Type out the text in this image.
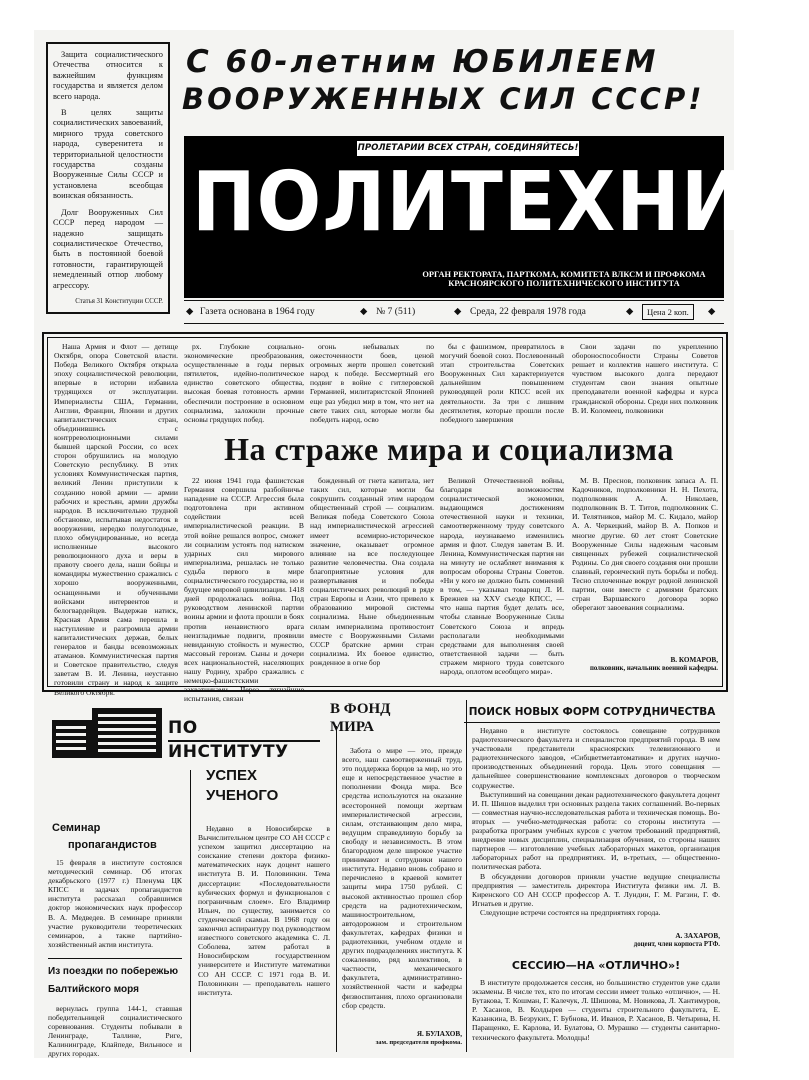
Защита социалистического Отечества относится к важнейшим функциям государства и является делом всего народа.

В целях защиты социалистических завоеваний, мирного труда советского народа, суверенитета и территориальной целостности государства созданы Вооруженные Силы СССР и установлена всеобщая воинская обязанность.

Долг Вооруженных Сил СССР перед народом — надежно защищать социалистическое Отечество, быть в постоянной боевой готовности, гарантирующей немедленный отпор любому агрессору.

Статья 31 Конституции СССР.
С 60-летним ЮБИЛЕЕМ
ВООРУЖЕННЫХ СИЛ СССР!
ПРОЛЕТАРИИ ВСЕХ СТРАН, СОЕДИНЯЙТЕСЬ!
ПОЛИТЕХНИК
ОРГАН РЕКТОРАТА, ПАРТКОМА, КОМИТЕТА ВЛКСМ И ПРОФКОМА КРАСНОЯРСКОГО ПОЛИТЕХНИЧЕСКОГО ИНСТИТУТА
◆ Газета основана в 1964 году	◆ № 7 (511)	◆ Среда, 22 февраля 1978 года	◆	Цена 2 коп.	◆

Наша Армия и Флот — детище Октября, опора Советской власти. Победа Великого Октября открыла эпоху социалистической революции, впервые в истории избавила трудящихся от эксплуатации. Империалисты США, Германии, Англии, Франции, Японии и других капиталистических стран, объединившись с контрреволюционными силами бывшей царской России, со всех сторон обрушились на молодую Советскую республику. В этих условиях Коммунистическая партия, великий Ленин приступили к созданию новой армии — армии рабочих и крестьян, армии дружбы народов. В исключительно трудной обстановке, испытывая недостаток в вооружении, нередко полуголодные, плохо обмундированные, но всегда исполненные высокого революционного духа и веры в правоту своего дела, наши бойцы и командиры мужественно сражались с хорошо вооруженными, оснащенными и обученными войсками интервентов и белогвардейцев. Выдержав натиск, Красная Армия сама перешла в наступление и разгромила армии капиталистических держав, белых генералов и банды всевозможных атаманов. Коммунистическая партия и Советское правительство, следуя заветам В. И. Ленина, неустанно готовили страну и народ к защите Великого Октября.

рх. Глубокие социально-экономические преобразования, осуществленные в годы первых пятилеток, идейно-политическое единство советского общества, высокая боевая готовность армии обеспечили построение в основном социализма, заложили прочные основы грядущих побед.

огонь небывалых по ожесточенности боев, ценой огромных жертв прошел советский народ к победе. Бессмертный его подвиг в войне с гитлеровской Германией, милитаристской Японией еще раз убедил мир в том, что нет на свете таких сил, которые могли бы победить народ, осво

бы с фашизмом, превратилось в могучий боевой союз. Послевоенный этап строительства Советских Вооруженных Сил характеризуется дальнейшим повышением руководящей роли КПСС всей их деятельности. За три с лишним десятилетия, которые прошли после победного завершения

Свои задачи по укреплению обороноспособности Страны Советов решает и коллектив нашего института. С чувством высокого долга передают студентам свои знания опытные преподаватели военной кафедры и курса гражданской обороны. Среди них полковник В. И. Коломеец, полковники

На страже мира и социализма

22 июня 1941 года фашистская Германия совершила разбойничье нападение на СССР. Агрессия была подготовлена при активном содействии всей империалистической реакции. В этой войне решался вопрос, сможет ли социализм устоять под натиском ударных сил мирового империализма, решалась не только судьба первого в мире социалистического государства, но и будущее мировой цивилизации. 1418 дней продолжалась война. Под руководством ленинской партии воины армии и флота прошли в боях против ненавистного врага неизгладимые подвиги, проявили невиданную стойкость и мужество, массовый героизм. Сыны и дочери всех национальностей, населяющих нашу Родину, храбро сражались с немецко-фашистскими захватчиками. Через тягчайшие испытания, связан

божденный от гнета капитала, нет таких сил, которые могли бы сокрушить созданный этим народом общественный строй — социализм. Великая победа Советского Союза над империалистической агрессией имеет всемирно-историческое значение, оказывает огромное влияние на все последующее развитие человечества. Она создала благоприятные условия для развертывания и победы социалистических революций в ряде стран Европы и Азии, что привело к образованию мировой системы социализма. Ныне объединенным силам империализма противостоит вместе с Вооруженными Силами СССР братские армии стран социализма. Их боевое единство, рожденное в огне бор

Великой Отечественной войны, благодаря возможностям социалистической экономики, выдающимся достижениям отечественной науки и техники, самоотверженному труду советского народа, неузнаваемо изменились армия и флот. Следуя заветам В. И. Ленина, Коммунистическая партия ни на минуту не ослабляет внимания к вопросам обороны Страны Советов. «Ни у кого не должно быть сомнений в том, — указывал товарищ Л. И. Брежнев на XXV съезде КПСС, — что наша партия будет делать все, чтобы славные Вооруженные Силы Советского Союза и впредь располагали необходимыми средствами для выполнения своей ответственной задачи — быть стражем мирного труда советского народа, оплотом всеобщего мира».

М. В. Преснов, полковник запаса А. П. Кадочников, подполковники Н. Н. Пехота, подполковник А. А. Николаев, подполковник В. Т. Титов, подполковник С. И. Телятников, майор М. С. Кидало, майор А. А. Черкецкий, майор В. А. Попков и многие другие. 60 лет стоят Советские Вооруженные Силы надежным часовым священных рубежей социалистической Родины. Со дня своего создания они прошли славный, героический путь борьбы и побед. Тесно сплоченные вокруг родной ленинской партии, они вместе с армиями братских стран Варшавского договора зорко оберегают завоевания социализма.

В. КОМАРОВ,
полковник, начальник военной кафедры.
ПО ИНСТИТУТУ
Семинар
пропагандистов

15 февраля в институте состоялся методический семинар. Об итогах декабрьского (1977 г.) Пленума ЦК КПСС и задачах пропагандистов института рассказал собравшимся доктор экономических наук профессор В. А. Медведев. В семинаре приняли участие руководители теоретических семинаров, а также партийно-хозяйственный актив института.

Из поездки по побережью
Балтийского моря

вернулась группа 144-1, ставшая победительницей социалистического соревнования. Студенты побывали в Ленинграде, Таллине, Риге, Калининграде, Клайпеде, Вильнюсе и других городах.

УСПЕХ
УЧЕНОГО

Недавно в Новосибирске в Вычислительном центре СО АН СССР с успехом защитил диссертацию на соискание степени доктора физико-математических наук доцент нашего института В. И. Половинкин. Тема диссертации: «Последовательности кубических формул и функционалов с пограничным слоем». Его Владимир Ильич, по существу, занимается со студенческой скамьи. В 1968 году он закончил аспирантуру под руководством известного советского академика С. Л. Соболева, затем работал в Новосибирском государственном университете и Институте математики СО АН СССР. С 1971 года В. И. Половинкин — преподаватель нашего института.

В ФОНД
МИРА

Забота о мире — это, прежде всего, наш самоотверженный труд, это поддержка борцов за мир, но это еще и непосредственное участие в пополнении Фонда мира. Все средства используются на оказание всесторонней помощи жертвам империалистической агрессии, силам, отстаивающим дело мира, ведущим справедливую борьбу за свободу и независимость. В этом благородном деле широкое участие принимают и сотрудники нашего института. Недавно вновь собрано и перечислено в краевой комитет защиты мира 1750 рублей. С высокой активностью прошел сбор средств на радиотехническом, машиностроительном, автодорожном и строительном факультетах, кафедрах физики и радиотехники, учебном отделе и других подразделениях института. К сожалению, ряд коллективов, в частности, механического факультета, административно-хозяйственной части и кафедры физвоспитания, плохо организовали сбор средств.

Я. БУЛАХОВ,
зам. председателя профкома.
ПОИСК НОВЫХ ФОРМ СОТРУДНИЧЕСТВА

Недавно в институте состоялось совещание сотрудников радиотехнического факультета и специалистов предприятий города. В нем участвовали представители красноярских телевизионного и радиотехнического заводов, «Сибцветметавтоматики» и других научно-производственных объединений города. Цель этого совещания — дальнейшее совершенствование комплексных договоров о творческом содружестве.

Выступивший на совещании декан радиотехнического факультета доцент И. П. Шишов выделил три основных раздела таких соглашений. Во-первых — совместная научно-исследовательская работа и техническая помощь. Во-вторых — учебно-методическая работа: со стороны института — разработка программ учебных курсов с учетом требований предприятий, внедрение новых дисциплин, специализация обучения, со стороны наших партнеров — изготовление учебных лабораторных макетов, организация лабораторных работ на предприятиях. И, в-третьих, — общественно-политическая работа.

В обсуждении договоров приняли участие ведущие специалисты предприятия — заместитель директора Института физики им. Л. В. Киренского СО АН СССР профессор А. Т. Лундин, Г. М. Рагзин, Г. Ф. Игнатьев и другие.

Следующие встречи состоятся на предприятиях города.

А. ЗАХАРОВ,
доцент, член корпоста РТФ.
СЕССИЮ—НА «ОТЛИЧНО»!

В институте продолжается сессия, но большинство студентов уже сдали экзамены. В числе тех, кто по итогам сессии имеет только «отлично», — Н. Бутакова, Т. Кошман, Г. Калечук, Л. Шишова, М. Новикова, Л. Хантимуров, Р. Хасанов, В. Колдырев — студенты строительного факультета, Е. Казанкина, В. Безруких, Г. Бубнова, И. Иванов, Р. Хасанов, В. Четырина, Н. Паращенко, Е. Карлова, И. Булатова, О. Мурашко — студенты санитарно-технического факультета. Молодцы!
